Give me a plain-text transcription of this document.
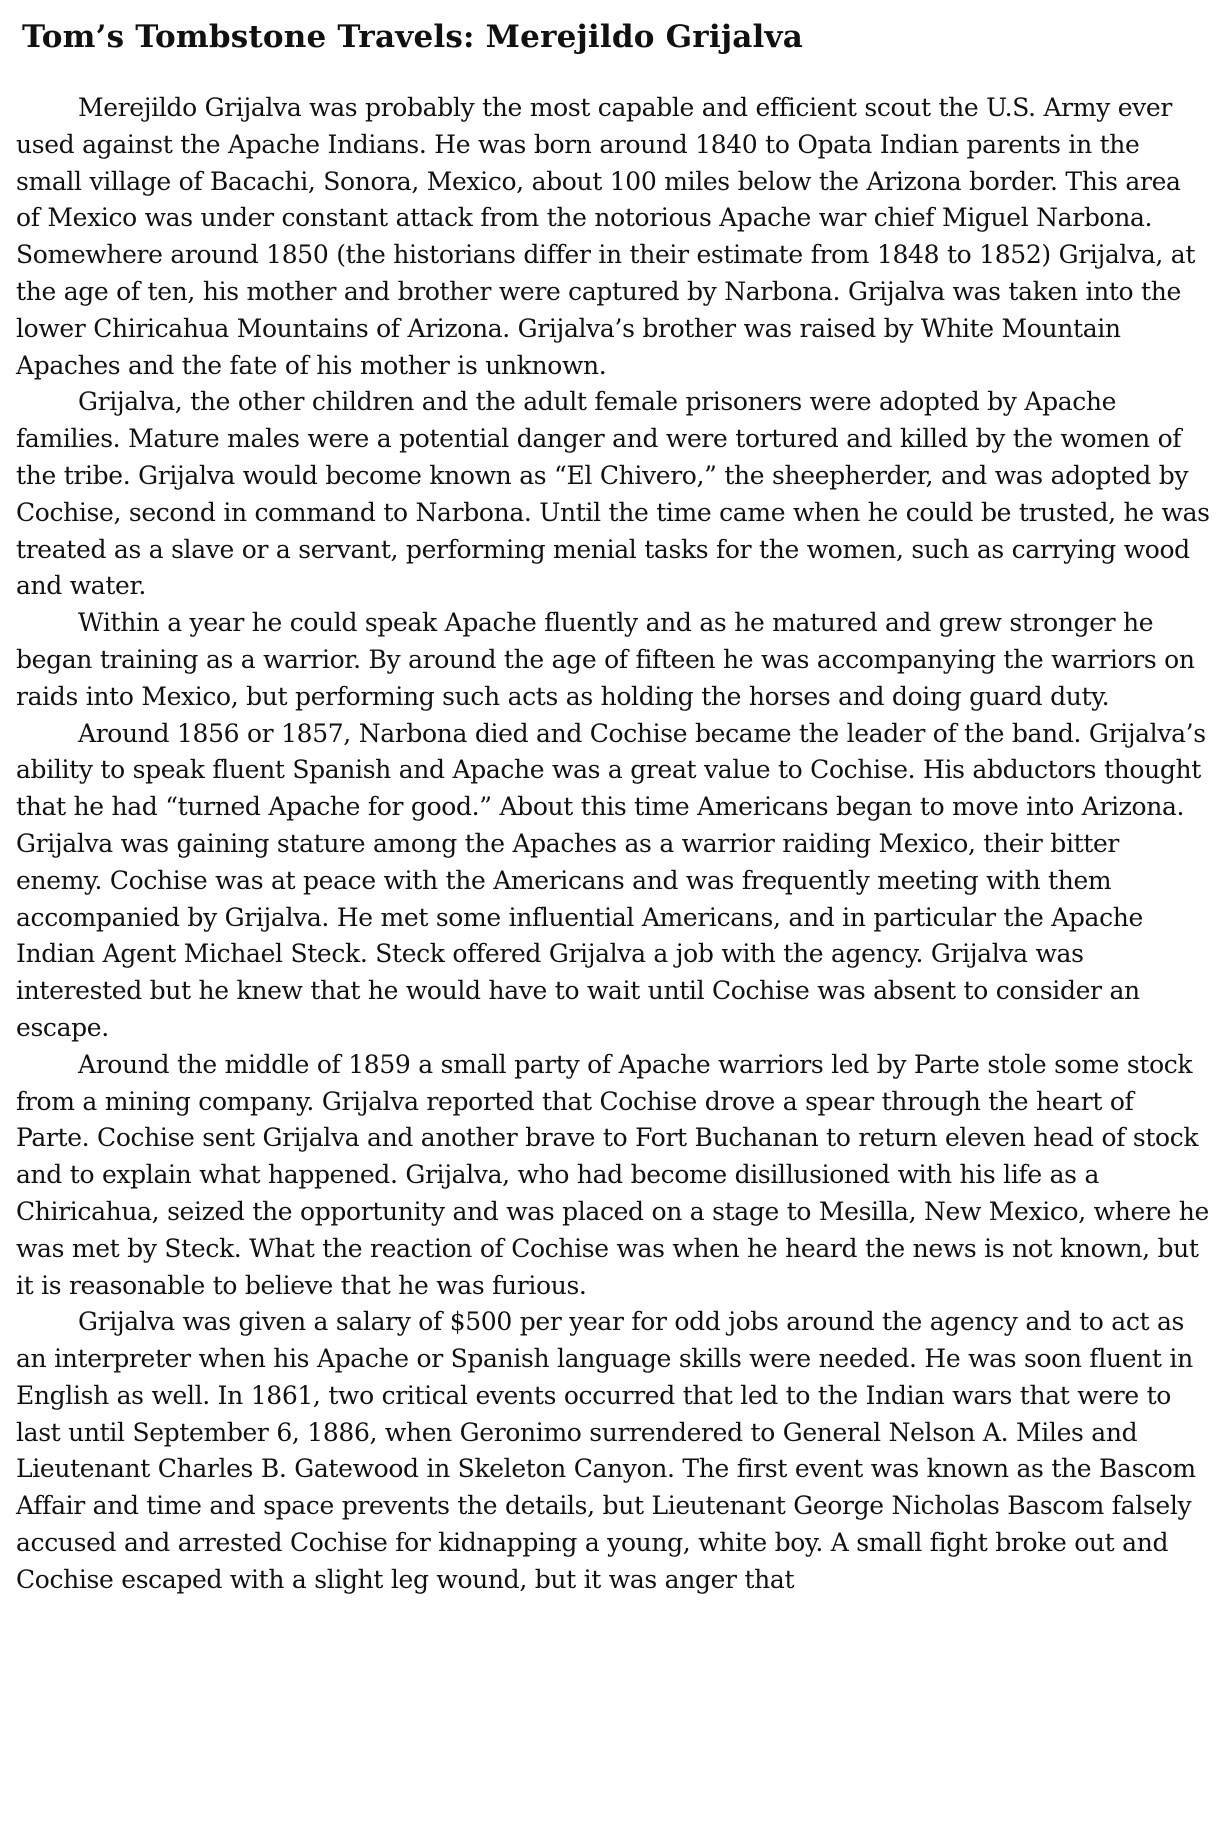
Tom’s Tombstone Travels: Merejildo Grijalva

Merejildo Grijalva was probably the most capable and efficient scout the U.S. Army ever used against the Apache Indians. He was born around 1840 to Opata Indian parents in the small village of Bacachi, Sonora, Mexico, about 100 miles below the Arizona border. This area of Mexico was under constant attack from the notorious Apache war chief Miguel Narbona. Somewhere around 1850 (the historians differ in their estimate from 1848 to 1852) Grijalva, at the age of ten, his mother and brother were captured by Narbona. Grijalva was taken into the lower Chiricahua Mountains of Arizona. Grijalva’s brother was raised by White Mountain Apaches and the fate of his mother is unknown.

Grijalva, the other children and the adult female prisoners were adopted by Apache families. Mature males were a potential danger and were tortured and killed by the women of the tribe. Grijalva would become known as “El Chivero,” the sheepherder, and was adopted by Cochise, second in command to Narbona. Until the time came when he could be trusted, he was treated as a slave or a servant, performing menial tasks for the women, such as carrying wood and water.

Within a year he could speak Apache fluently and as he matured and grew stronger he began training as a warrior. By around the age of fifteen he was accompanying the warriors on raids into Mexico, but performing such acts as holding the horses and doing guard duty.

Around 1856 or 1857, Narbona died and Cochise became the leader of the band. Grijalva’s ability to speak fluent Spanish and Apache was a great value to Cochise. His abductors thought that he had “turned Apache for good.” About this time Americans began to move into Arizona. Grijalva was gaining stature among the Apaches as a warrior raiding Mexico, their bitter enemy. Cochise was at peace with the Americans and was frequently meeting with them accompanied by Grijalva. He met some influential Americans, and in particular the Apache Indian Agent Michael Steck. Steck offered Grijalva a job with the agency. Grijalva was interested but he knew that he would have to wait until Cochise was absent to consider an escape.

Around the middle of 1859 a small party of Apache warriors led by Parte stole some stock from a mining company. Grijalva reported that Cochise drove a spear through the heart of Parte. Cochise sent Grijalva and another brave to Fort Buchanan to return eleven head of stock and to explain what happened. Grijalva, who had become disillusioned with his life as a Chiricahua, seized the opportunity and was placed on a stage to Mesilla, New Mexico, where he was met by Steck. What the reaction of Cochise was when he heard the news is not known, but it is reasonable to believe that he was furious.

Grijalva was given a salary of $500 per year for odd jobs around the agency and to act as an interpreter when his Apache or Spanish language skills were needed. He was soon fluent in English as well. In 1861, two critical events occurred that led to the Indian wars that were to last until September 6, 1886, when Geronimo surrendered to General Nelson A. Miles and Lieutenant Charles B. Gatewood in Skeleton Canyon. The first event was known as the Bascom Affair and time and space prevents the details, but Lieutenant George Nicholas Bascom falsely accused and arrested Cochise for kidnapping a young, white boy. A small fight broke out and Cochise escaped with a slight leg wound, but it was anger that
